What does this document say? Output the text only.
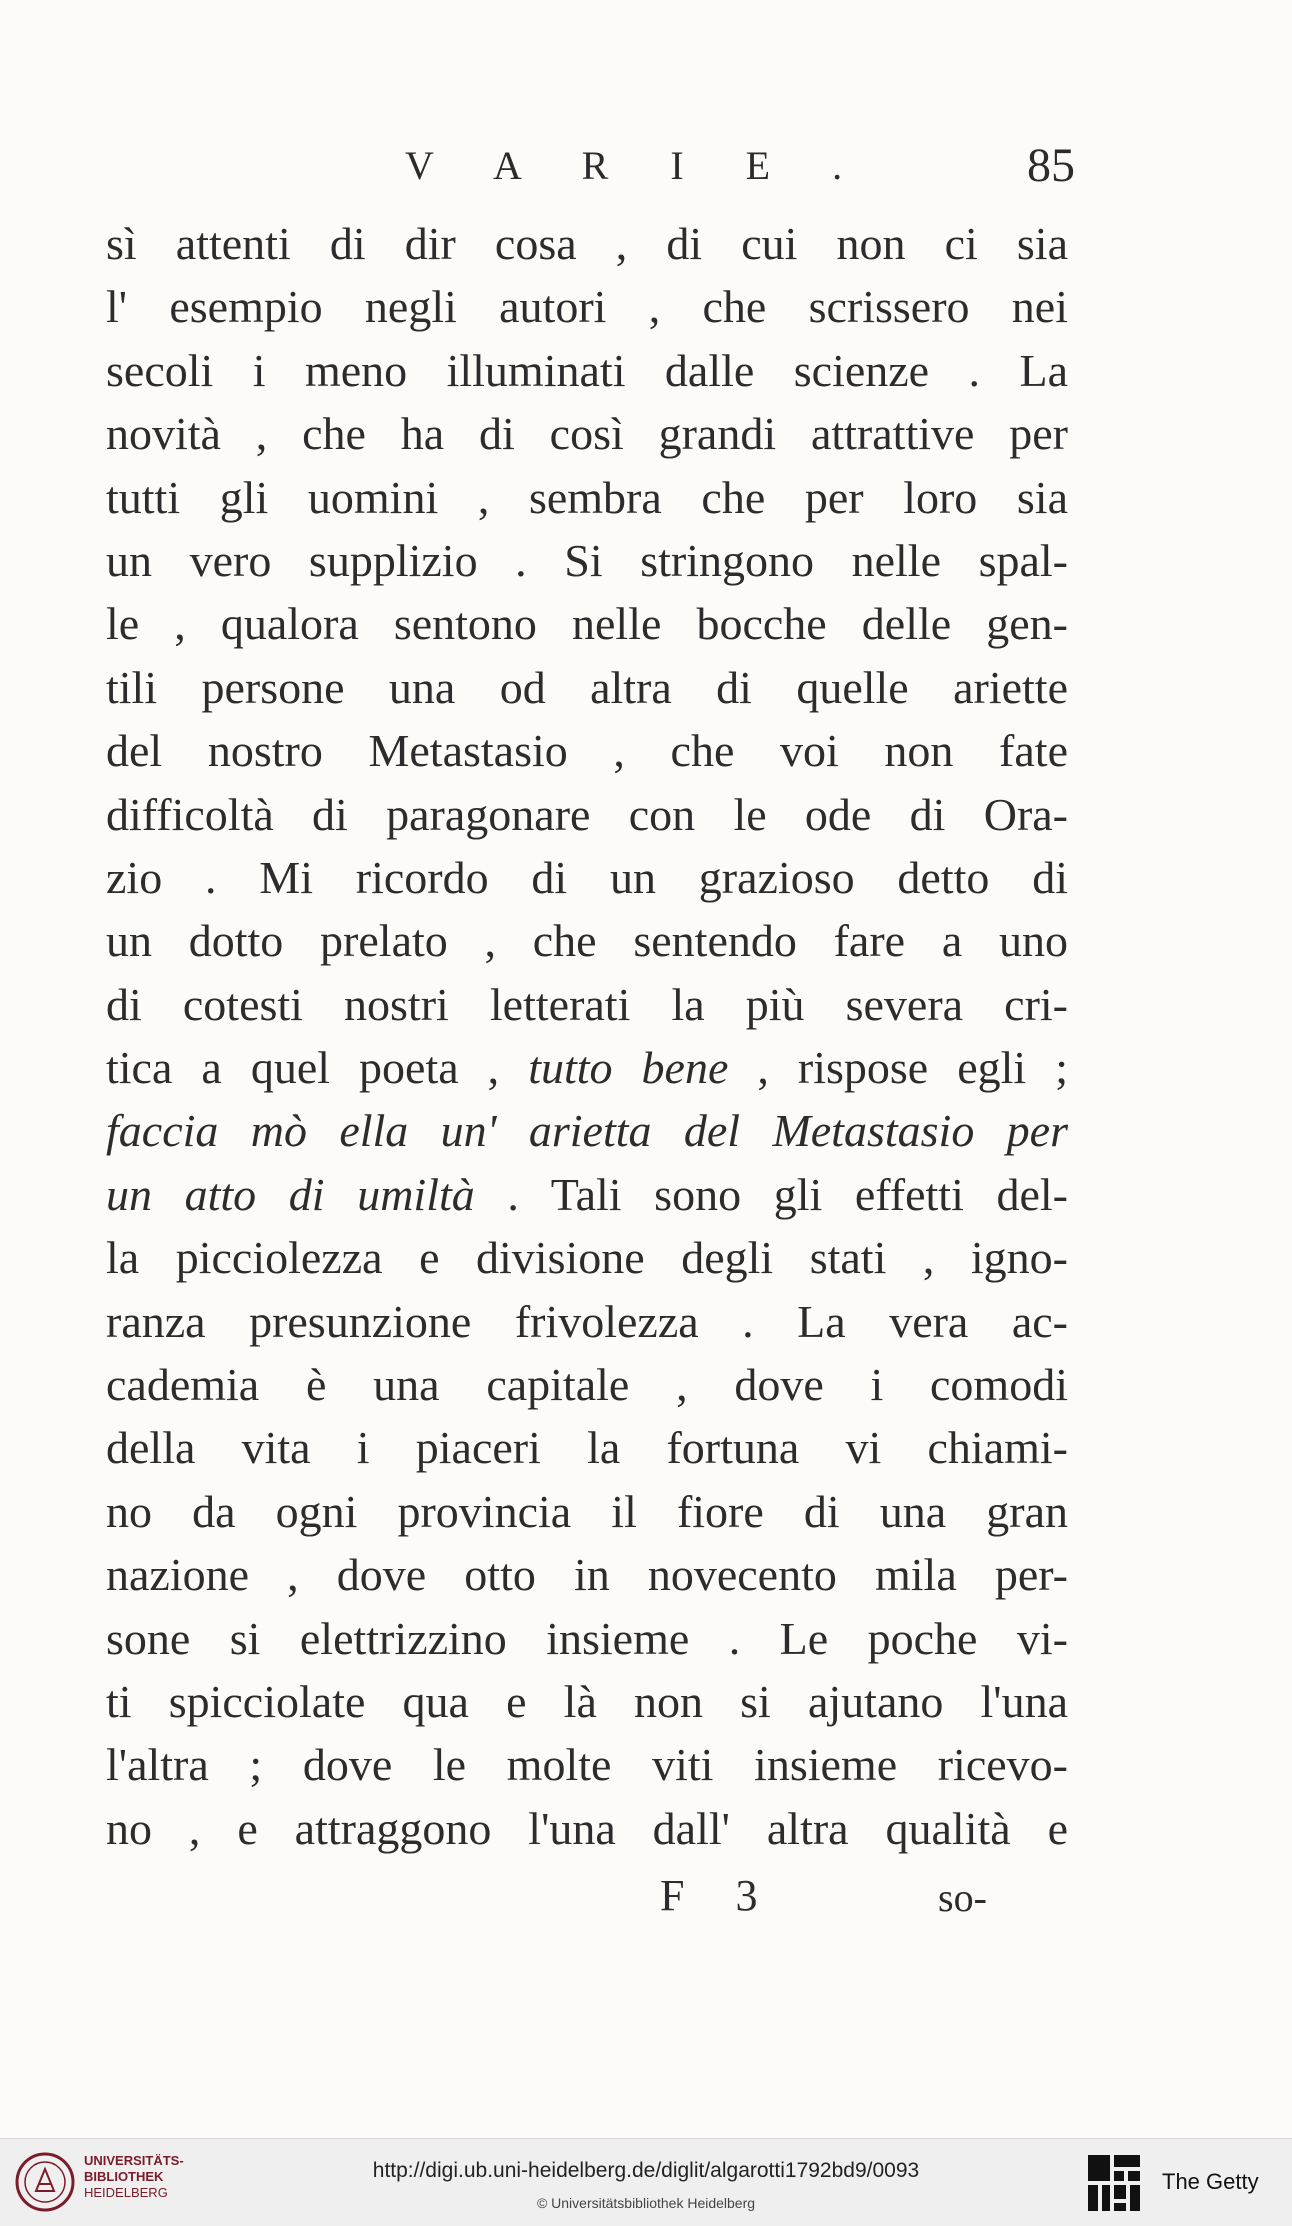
V A R I E .	85
sì attenti di dir cosa , di cui non ci sia
l' esempio negli autori , che scrissero nei
secoli i meno illuminati dalle scienze . La
novità , che ha di così grandi attrattive per
tutti gli uomini , sembra che per loro sia
un vero supplizio . Si stringono nelle spal-
le , qualora sentono nelle bocche delle gen-
tili persone una od altra di quelle ariette
del nostro Metastasio , che voi non fate
difficoltà di paragonare con le ode di Ora-
zio . Mi ricordo di un grazioso detto di
un dotto prelato , che sentendo fare a uno
di cotesti nostri letterati la più severa cri-
tica a quel poeta , tutto bene , rispose egli ;
faccia mò ella un' arietta del Metastasio per
un atto di umiltà . Tali sono gli effetti del-
la picciolezza e divisione degli stati , igno-
ranza presunzione frivolezza . La vera ac-
cademia è una capitale , dove i comodi
della vita i piaceri la fortuna vi chiami-
no da ogni provincia il fiore di una gran
nazione , dove otto in novecento mila per-
sone si elettrizzino insieme . Le poche vi-
ti spicciolate qua e là non si ajutano l'una
l'altra ; dove le molte viti insieme ricevo-
no , e attraggono l'una dall' altra qualità e
F 3	so-
UNIVERSITÄTS-
BIBLIOTHEK
HEIDELBERG
http://digi.ub.uni-heidelberg.de/diglit/algarotti1792bd9/0093
© Universitätsbibliothek Heidelberg
The Getty
